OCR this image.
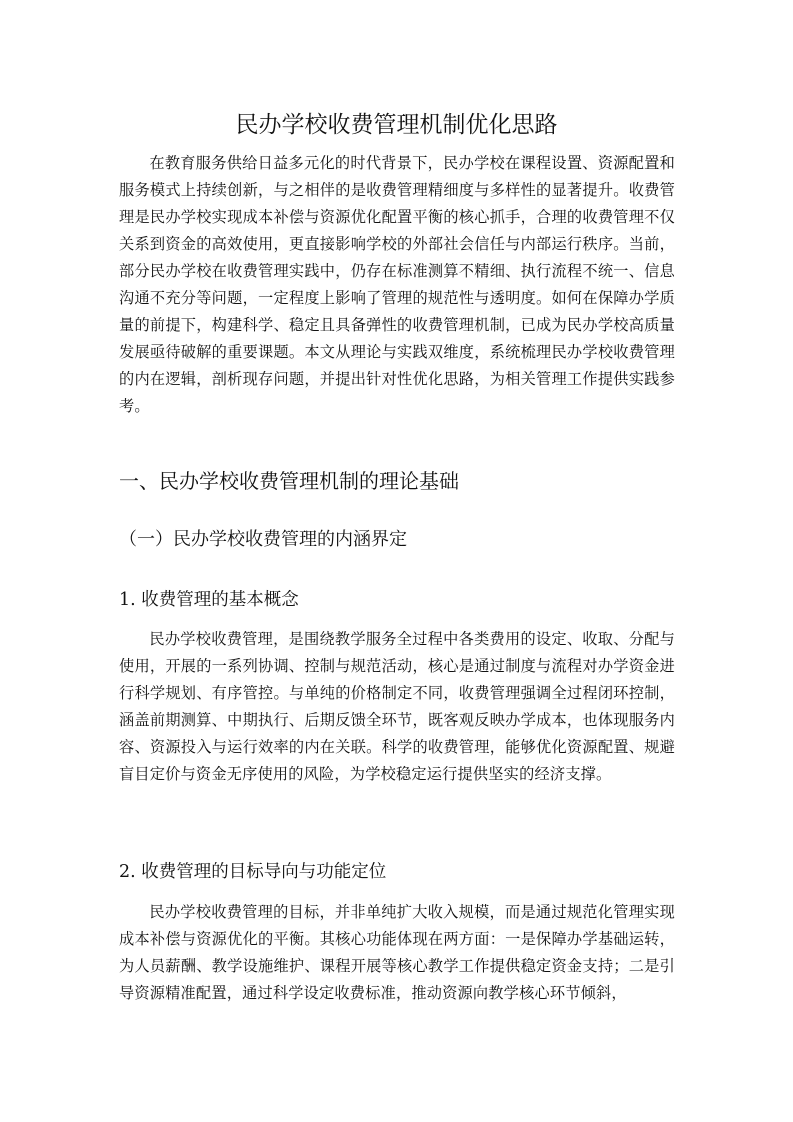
民办学校收费管理机制优化思路

在教育服务供给日益多元化的时代背景下，民办学校在课程设置、资源配置和服务模式上持续创新，与之相伴的是收费管理精细度与多样性的显著提升。收费管理是民办学校实现成本补偿与资源优化配置平衡的核心抓手，合理的收费管理不仅关系到资金的高效使用，更直接影响学校的外部社会信任与内部运行秩序。当前，部分民办学校在收费管理实践中，仍存在标准测算不精细、执行流程不统一、信息沟通不充分等问题，一定程度上影响了管理的规范性与透明度。如何在保障办学质量的前提下，构建科学、稳定且具备弹性的收费管理机制，已成为民办学校高质量发展亟待破解的重要课题。本文从理论与实践双维度，系统梳理民办学校收费管理的内在逻辑，剖析现存问题，并提出针对性优化思路，为相关管理工作提供实践参考。

一、民办学校收费管理机制的理论基础
（一）民办学校收费管理的内涵界定
1. 收费管理的基本概念

民办学校收费管理，是围绕教学服务全过程中各类费用的设定、收取、分配与使用，开展的一系列协调、控制与规范活动，核心是通过制度与流程对办学资金进行科学规划、有序管控。与单纯的价格制定不同，收费管理强调全过程闭环控制，涵盖前期测算、中期执行、后期反馈全环节，既客观反映办学成本，也体现服务内容、资源投入与运行效率的内在关联。科学的收费管理，能够优化资源配置、规避盲目定价与资金无序使用的风险，为学校稳定运行提供坚实的经济支撑。

2. 收费管理的目标导向与功能定位

民办学校收费管理的目标，并非单纯扩大收入规模，而是通过规范化管理实现成本补偿与资源优化的平衡。其核心功能体现在两方面：一是保障办学基础运转，为人员薪酬、教学设施维护、课程开展等核心教学工作提供稳定资金支持；二是引导资源精准配置，通过科学设定收费标准，推动资源向教学核心环节倾斜，
